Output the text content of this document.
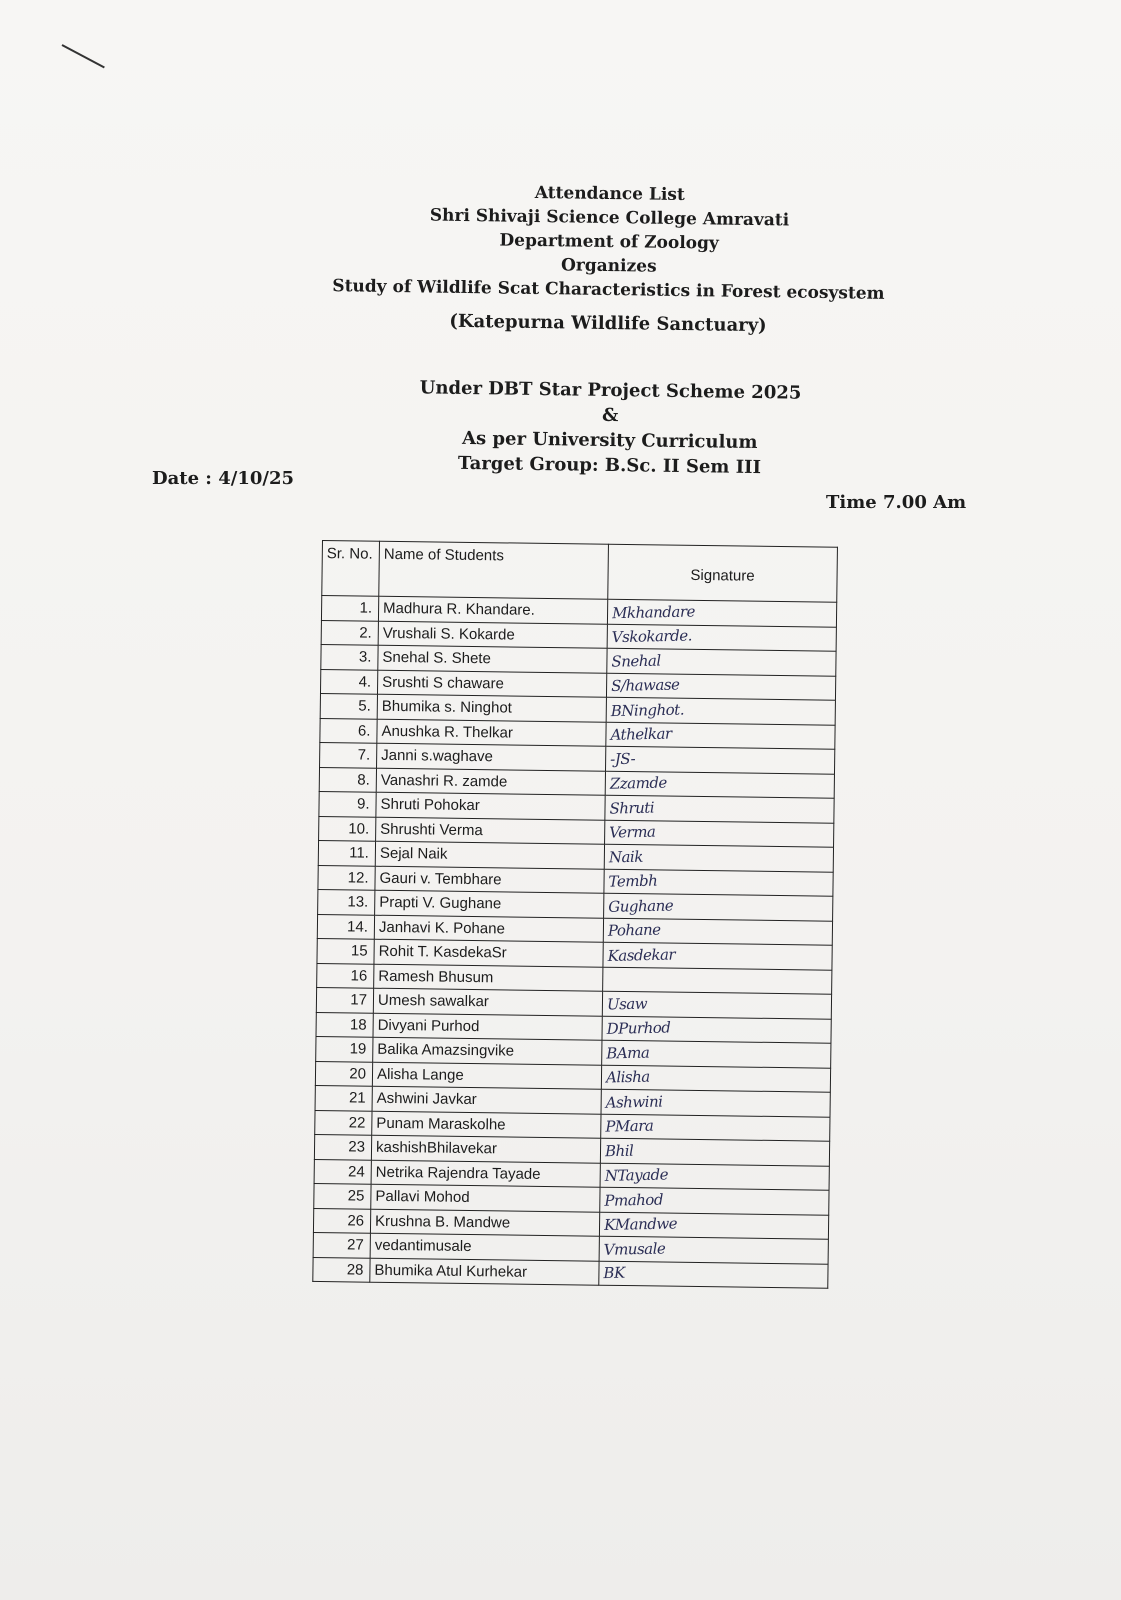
Attendance List
Shri Shivaji Science College Amravati
Department of Zoology
Organizes
Study of Wildlife Scat Characteristics in Forest ecosystem
(Katepurna Wildlife Sanctuary)
Under DBT Star Project Scheme 2025
&
As per University Curriculum
Target Group: B.Sc. II Sem III
Date : 4/10/25
Time 7.00 Am
Sr. No.	Name of Students	Signature
1.	Madhura R. Khandare.	Mkhandare
2.	Vrushali S. Kokarde	Vskokarde.
3.	Snehal S. Shete	Snehal
4.	Srushti S chaware	S/hawase
5.	Bhumika s. Ninghot	BNinghot.
6.	Anushka R. Thelkar	Athelkar
7.	Janni s.waghave	-JS-
8.	Vanashri R. zamde	Zzamde
9.	Shruti Pohokar	Shruti
10.	Shrushti Verma	Verma
11.	Sejal Naik	Naik
12.	Gauri v. Tembhare	Tembh
13.	Prapti V. Gughane	Gughane
14.	Janhavi K. Pohane	Pohane
15	Rohit T. KasdekaSr	Kasdekar
16	Ramesh Bhusum	
17	Umesh sawalkar	Usaw
18	Divyani Purhod	DPurhod
19	Balika Amazsingvike	BAma
20	Alisha Lange	Alisha
21	Ashwini Javkar	Ashwini
22	Punam Maraskolhe	PMara
23	kashishBhilavekar	Bhil
24	Netrika Rajendra Tayade	NTayade
25	Pallavi Mohod	Pmahod
26	Krushna B. Mandwe	KMandwe
27	vedantimusale	Vmusale
28	Bhumika Atul Kurhekar	BK
